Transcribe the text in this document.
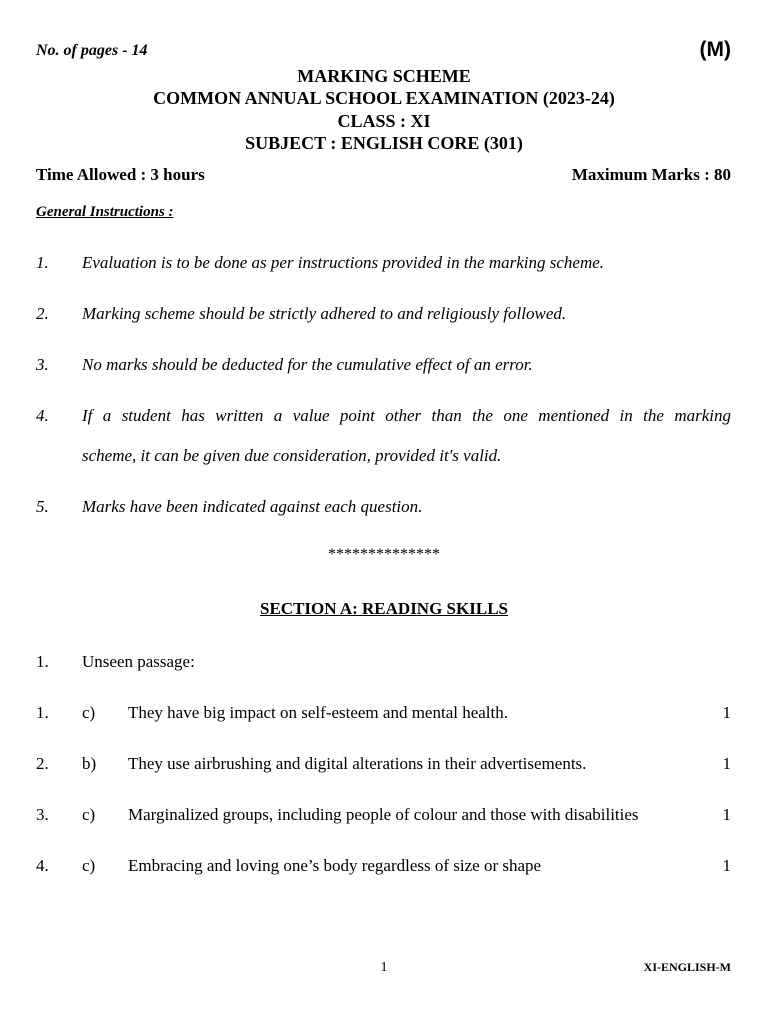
No. of pages - 14	(M)
MARKING SCHEME
COMMON ANNUAL SCHOOL EXAMINATION (2023-24)
CLASS : XI
SUBJECT : ENGLISH CORE (301)
Time Allowed : 3 hours	Maximum Marks : 80
General Instructions :
1. Evaluation is to be done as per instructions provided in the marking scheme.
2. Marking scheme should be strictly adhered to and religiously followed.
3. No marks should be deducted for the cumulative effect of an error.
4. If a student has written a value point other than the one mentioned in the marking
scheme, it can be given due consideration, provided it's valid.
5. Marks have been indicated against each question.
**************
SECTION A: READING SKILLS
1. Unseen passage:
1. c) They have big impact on self-esteem and mental health.	1
2. b) They use airbrushing and digital alterations in their advertisements.	1
3. c) Marginalized groups, including people of colour and those with disabilities	1
4. c) Embracing and loving one’s body regardless of size or shape	1
1	XI-ENGLISH-M
